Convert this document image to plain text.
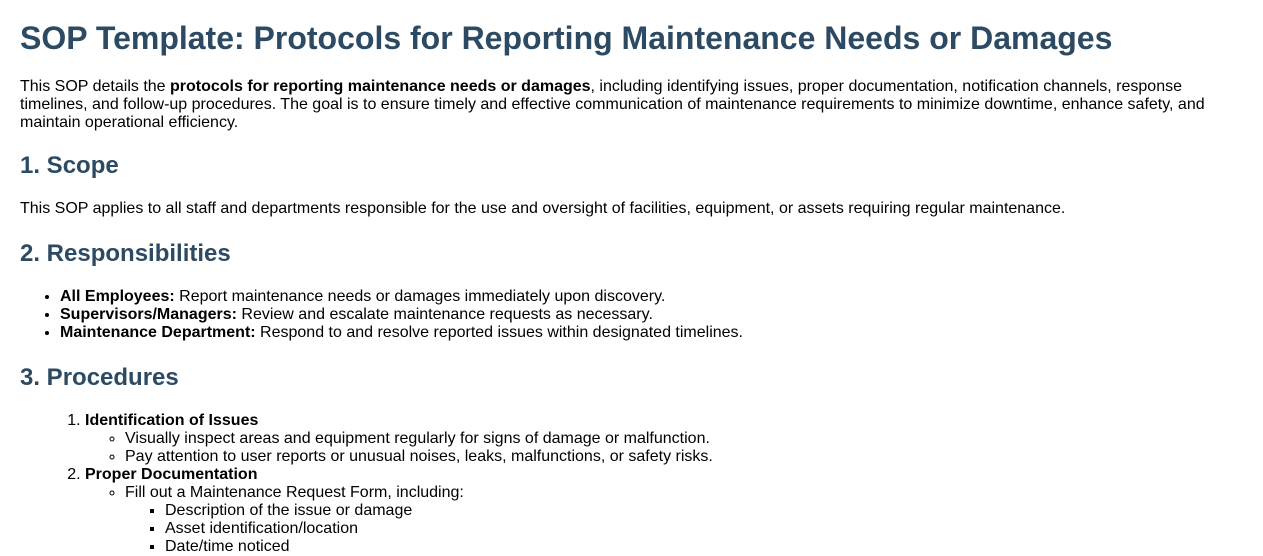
SOP Template: Protocols for Reporting Maintenance Needs or Damages

This SOP details the protocols for reporting maintenance needs or damages, including identifying issues, proper documentation, notification channels, response timelines, and follow-up procedures. The goal is to ensure timely and effective communication of maintenance requirements to minimize downtime, enhance safety, and maintain operational efficiency.

1. Scope

This SOP applies to all staff and departments responsible for the use and oversight of facilities, equipment, or assets requiring regular maintenance.

2. Responsibilities
• All Employees: Report maintenance needs or damages immediately upon discovery.
• Supervisors/Managers: Review and escalate maintenance requests as necessary.
• Maintenance Department: Respond to and resolve reported issues within designated timelines.
3. Procedures
1. Identification of Issues
◦ Visually inspect areas and equipment regularly for signs of damage or malfunction.
◦ Pay attention to user reports or unusual noises, leaks, malfunctions, or safety risks.
2. Proper Documentation
◦ Fill out a Maintenance Request Form, including:
▪ Description of the issue or damage
▪ Asset identification/location
▪ Date/time noticed
